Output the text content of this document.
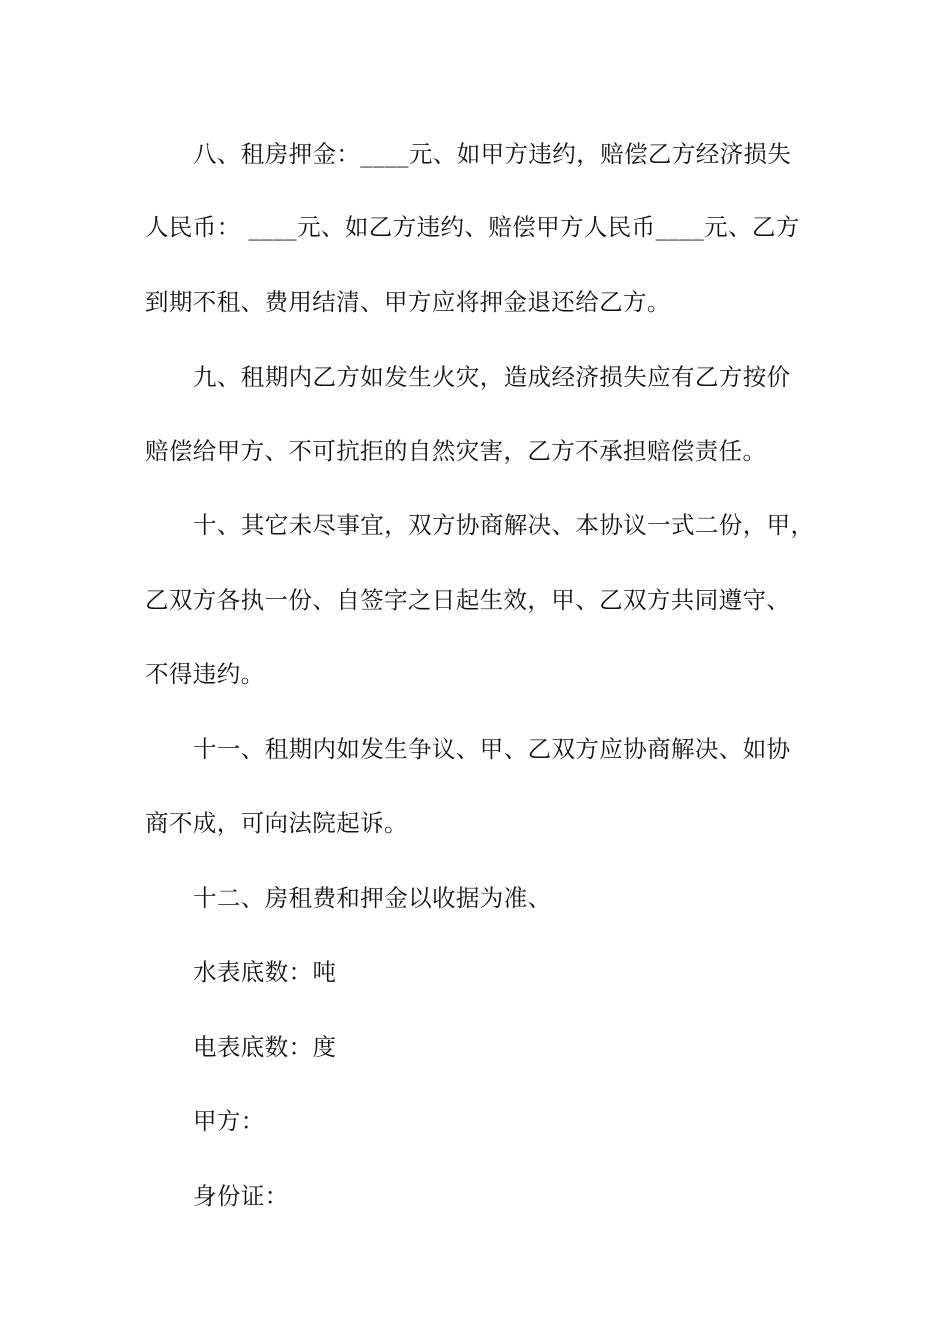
八、租房押金：____元、如甲方违约，赔偿乙方经济损失
人民币： ____元、如乙方违约、赔偿甲方人民币____元、乙方
到期不租、费用结清、甲方应将押金退还给乙方。
九、租期内乙方如发生火灾，造成经济损失应有乙方按价
赔偿给甲方、不可抗拒的自然灾害，乙方不承担赔偿责任。
十、其它未尽事宜，双方协商解决、本协议一式二份，甲，
乙双方各执一份、自签字之日起生效，甲、乙双方共同遵守、
不得违约。
十一、租期内如发生争议、甲、乙双方应协商解决、如协
商不成，可向法院起诉。
十二、房租费和押金以收据为准、
水表底数：吨
电表底数：度
甲方：
身份证：
